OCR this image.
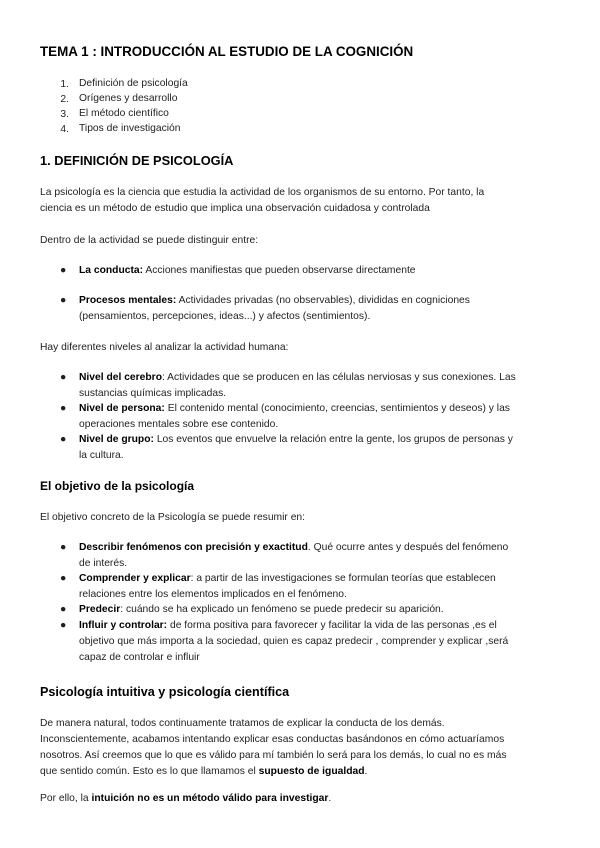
TEMA 1 : INTRODUCCIÓN AL ESTUDIO DE LA COGNICIÓN
1. Definición de psicología
2. Orígenes y desarrollo
3. El método científico
4. Tipos de investigación
1. DEFINICIÓN DE PSICOLOGÍA
La psicología es la ciencia que estudia la actividad de los organismos de su entorno. Por tanto, la
ciencia es un método de estudio que implica una observación cuidadosa y controlada
Dentro de la actividad se puede distinguir entre:
● La conducta: Acciones manifiestas que pueden observarse directamente
● Procesos mentales: Actividades privadas (no observables), divididas en cogniciones
(pensamientos, percepciones, ideas...) y afectos (sentimientos).
Hay diferentes niveles al analizar la actividad humana:
● Nivel del cerebro: Actividades que se producen en las células nerviosas y sus conexiones. Las
sustancias químicas implicadas.
● Nivel de persona: El contenido mental (conocimiento, creencias, sentimientos y deseos) y las
operaciones mentales sobre ese contenido.
● Nivel de grupo: Los eventos que envuelve la relación entre la gente, los grupos de personas y
la cultura.
El objetivo de la psicología
El objetivo concreto de la Psicología se puede resumir en:
● Describir fenómenos con precisión y exactitud. Qué ocurre antes y después del fenómeno
de interés.
● Comprender y explicar: a partir de las investigaciones se formulan teorías que establecen
relaciones entre los elementos implicados en el fenómeno.
● Predecir: cuándo se ha explicado un fenómeno se puede predecir su aparición.
● Influir y controlar: de forma positiva para favorecer y facilitar la vida de las personas ,es el
objetivo que más importa a la sociedad, quien es capaz predecir , comprender y explicar ,será
capaz de controlar e influir
Psicología intuitiva y psicología científica
De manera natural, todos continuamente tratamos de explicar la conducta de los demás.
Inconscientemente, acabamos intentando explicar esas conductas basándonos en cómo actuaríamos
nosotros. Así creemos que lo que es válido para mí también lo será para los demás, lo cual no es más
que sentido común. Esto es lo que llamamos el supuesto de igualdad.
Por ello, la intuición no es un método válido para investigar.
